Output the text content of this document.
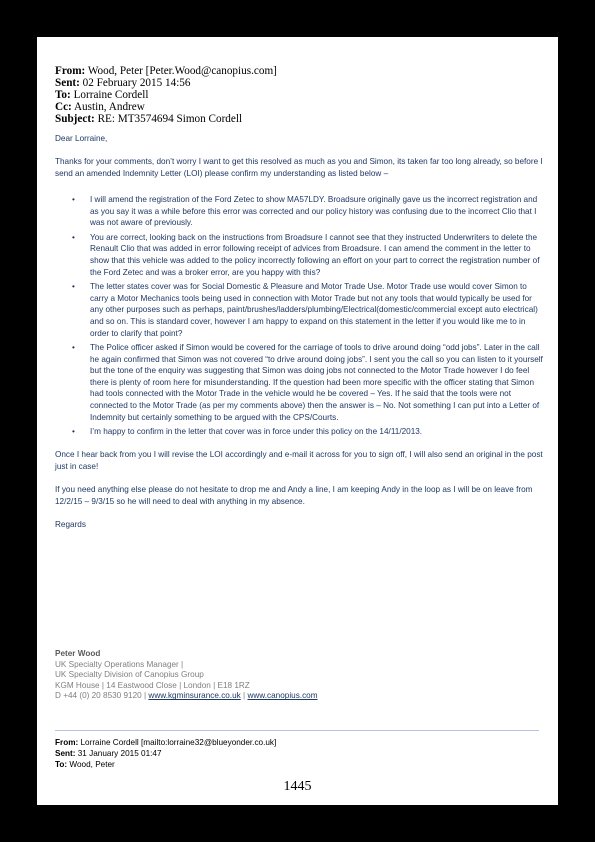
From: Wood, Peter [Peter.Wood@canopius.com]
Sent: 02 February 2015 14:56
To: Lorraine Cordell
Cc: Austin, Andrew
Subject: RE: MT3574694 Simon Cordell

Dear Lorraine,

Thanks for your comments, don’t worry I want to get this resolved as much as you and Simon, its taken far too long already, so before I send an amended Indemnity Letter (LOI) please confirm my understanding as listed below –

• I will amend the registration of the Ford Zetec to show MA57LDY. Broadsure originally gave us the incorrect registration and as you say it was a while before this error was corrected and our policy history was confusing due to the incorrect Clio that I was not aware of previously.
• You are correct, looking back on the instructions from Broadsure I cannot see that they instructed Underwriters to delete the Renault Clio that was added in error following receipt of advices from Broadsure. I can amend the comment in the letter to show that this vehicle was added to the policy incorrectly following an effort on your part to correct the registration number of the Ford Zetec and was a broker error, are you happy with this?
• The letter states cover was for Social Domestic & Pleasure and Motor Trade Use. Motor Trade use would cover Simon to carry a Motor Mechanics tools being used in connection with Motor Trade but not any tools that would typically be used for any other purposes such as perhaps, paint/brushes/ladders/plumbing/Electrical(domestic/commercial except auto electrical) and so on. This is standard cover, however I am happy to expand on this statement in the letter if you would like me to in order to clarify that point?
• The Police officer asked if Simon would be covered for the carriage of tools to drive around doing “odd jobs”. Later in the call he again confirmed that Simon was not covered “to drive around doing jobs”. I sent you the call so you can listen to it yourself but the tone of the enquiry was suggesting that Simon was doing jobs not connected to the Motor Trade however I do feel there is plenty of room here for misunderstanding. If the question had been more specific with the officer stating that Simon had tools connected with the Motor Trade in the vehicle would he be covered – Yes. If he said that the tools were not connected to the Motor Trade (as per my comments above) then the answer is – No. Not something I can put into a Letter of Indemnity but certainly something to be argued with the CPS/Courts.
• I’m happy to confirm in the letter that cover was in force under this policy on the 14/11/2013.

Once I hear back from you I will revise the LOI accordingly and e-mail it across for you to sign off, I will also send an original in the post just in case!

If you need anything else please do not hesitate to drop me and Andy a line, I am keeping Andy in the loop as I will be on leave from 12/2/15 – 9/3/15 so he will need to deal with anything in my absence.

Regards

Peter Wood
UK Specialty Operations Manager |
UK Specialty Division of Canopius Group
KGM House | 14 Eastwood Close | London | E18 1RZ
D +44 (0) 20 8530 9120 | www.kgminsurance.co.uk | www.canopius.com
From: Lorraine Cordell [mailto:lorraine32@blueyonder.co.uk]
Sent: 31 January 2015 01:47
To: Wood, Peter
1445
